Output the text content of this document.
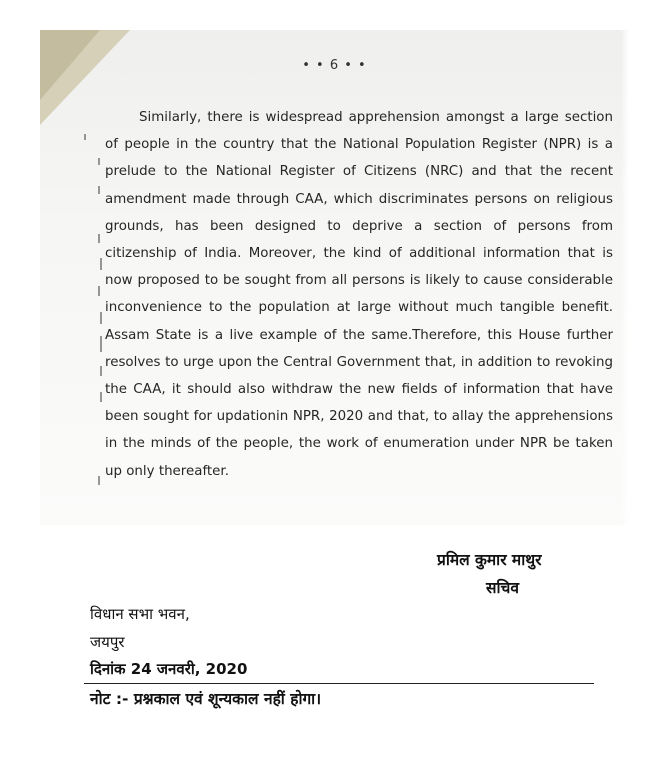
• • 6 • •

Similarly, there is widespread apprehension amongst a large section of people in the country that the National Population Register (NPR) is a prelude to the National Register of Citizens (NRC) and that the recent amendment made through CAA, which discriminates persons on religious grounds, has been designed to deprive a section of persons from citizenship of India. Moreover, the kind of additional information that is now proposed to be sought from all persons is likely to cause considerable inconvenience to the population at large without much tangible benefit. Assam State is a live example of the same.Therefore, this House further resolves to urge upon the Central Government that, in addition to revoking the CAA, it should also withdraw the new fields of information that have been sought for updationin NPR, 2020 and that, to allay the apprehensions in the minds of the people, the work of enumeration under NPR be taken up only thereafter.

प्रमिल कुमार माथुर
सचिव
विधान सभा भवन,
जयपुर
दिनांक 24 जनवरी, 2020
नोट :- प्रश्नकाल एवं शून्यकाल नहीं होगा।
